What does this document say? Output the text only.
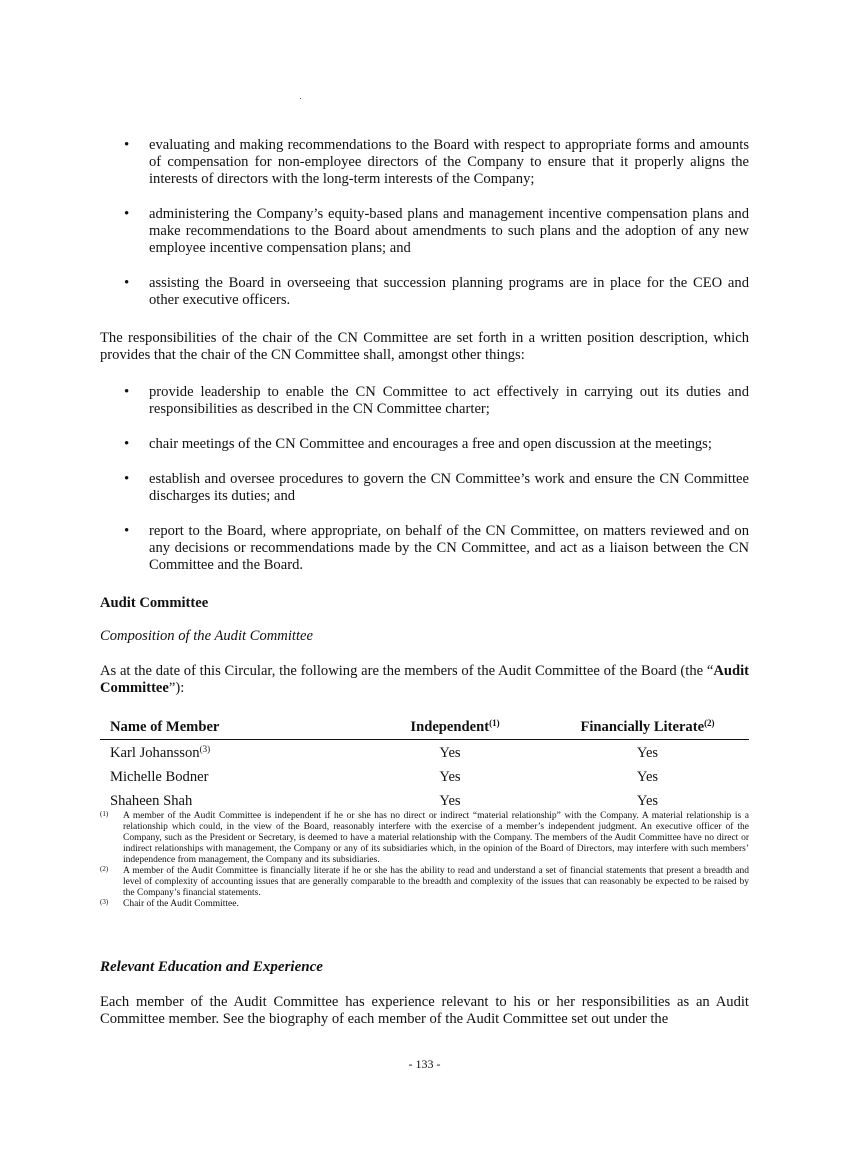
• evaluating and making recommendations to the Board with respect to appropriate forms and amounts of compensation for non-employee directors of the Company to ensure that it properly aligns the interests of directors with the long-term interests of the Company;
• administering the Company’s equity-based plans and management incentive compensation plans and make recommendations to the Board about amendments to such plans and the adoption of any new employee incentive compensation plans; and
• assisting the Board in overseeing that succession planning programs are in place for the CEO and other executive officers.
The responsibilities of the chair of the CN Committee are set forth in a written position description, which provides that the chair of the CN Committee shall, amongst other things:
• provide leadership to enable the CN Committee to act effectively in carrying out its duties and responsibilities as described in the CN Committee charter;
• chair meetings of the CN Committee and encourages a free and open discussion at the meetings;
• establish and oversee procedures to govern the CN Committee’s work and ensure the CN Committee discharges its duties; and
• report to the Board, where appropriate, on behalf of the CN Committee, on matters reviewed and on any decisions or recommendations made by the CN Committee, and act as a liaison between the CN Committee and the Board.
Audit Committee
Composition of the Audit Committee
As at the date of this Circular, the following are the members of the Audit Committee of the Board (the “Audit Committee”):
Name of Member	Independent$^{(1)}$	Financially Literate$^{(2)}$
Karl Johansson$^{(3)}$	Yes	Yes
Michelle Bodner	Yes	Yes
Shaheen Shah	Yes	Yes
(1) A member of the Audit Committee is independent if he or she has no direct or indirect “material relationship” with the Company. A material relationship is a relationship which could, in the view of the Board, reasonably interfere with the exercise of a member’s independent judgment. An executive officer of the Company, such as the President or Secretary, is deemed to have a material relationship with the Company. The members of the Audit Committee have no direct or indirect relationships with management, the Company or any of its subsidiaries which, in the opinion of the Board of Directors, may interfere with such members’ independence from management, the Company and its subsidiaries.
(2) A member of the Audit Committee is financially literate if he or she has the ability to read and understand a set of financial statements that present a breadth and level of complexity of accounting issues that are generally comparable to the breadth and complexity of the issues that can reasonably be expected to be raised by the Company’s financial statements.
(3) Chair of the Audit Committee.
Relevant Education and Experience
Each member of the Audit Committee has experience relevant to his or her responsibilities as an Audit Committee member. See the biography of each member of the Audit Committee set out under the
- 133 -
